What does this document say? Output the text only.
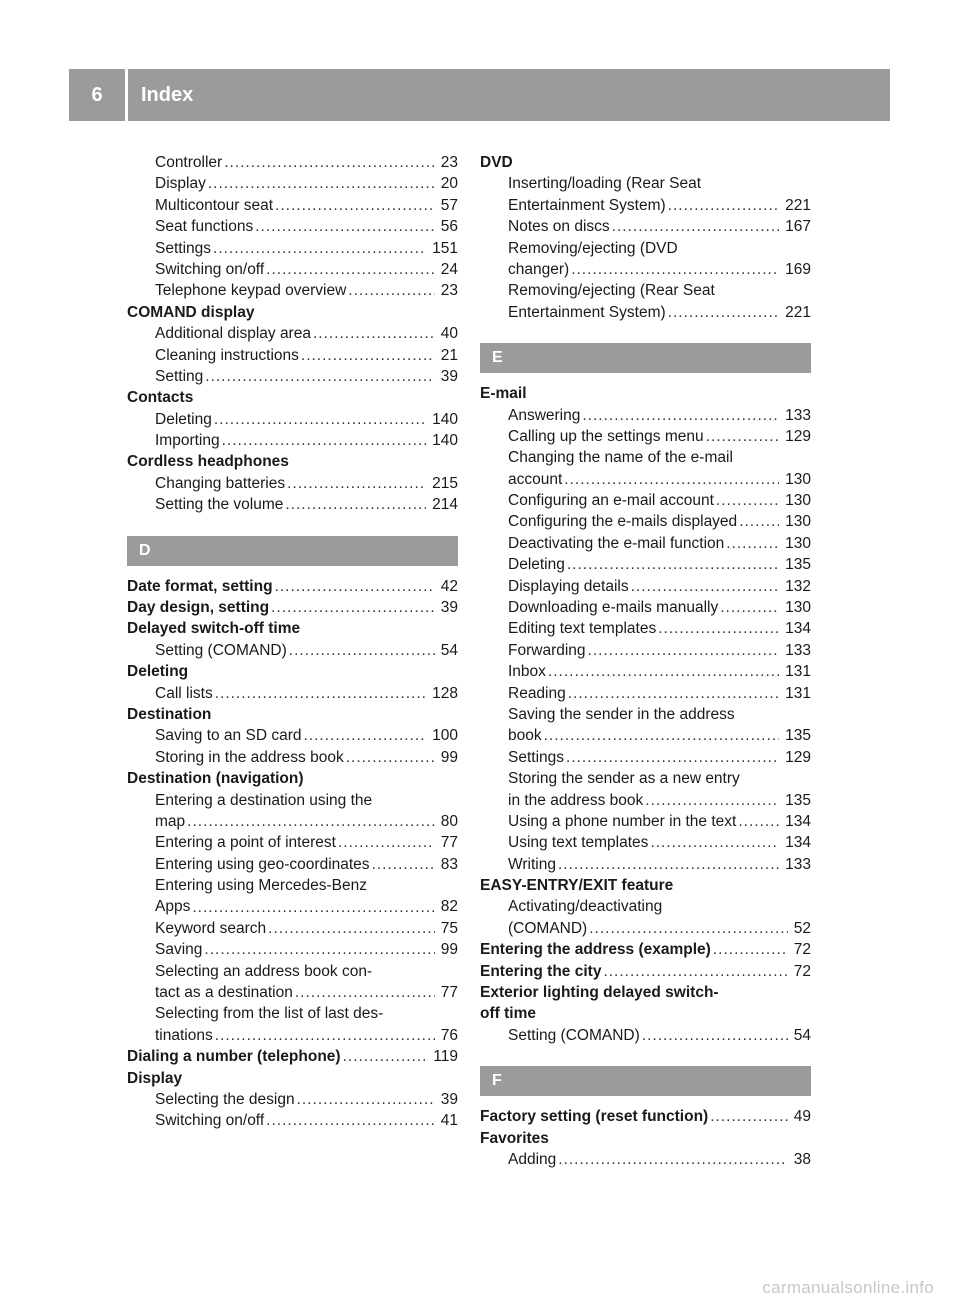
6	Index
Controller .....	23
Display .....	20
Multicontour seat .....	57
Seat functions .....	56
Settings .....	151
Switching on/off .....	24
Telephone keypad overview .....	23
COMAND display
Additional display area .....	40
Cleaning instructions .....	21
Setting .....	39
Contacts
Deleting .....	140
Importing .....	140
Cordless headphones
Changing batteries .....	215
Setting the volume .....	214
D
Date format, setting .....	42
Day design, setting .....	39
Delayed switch-off time
Setting (COMAND) .....	54
Deleting
Call lists .....	128
Destination
Saving to an SD card .....	100
Storing in the address book .....	99
Destination (navigation)
Entering a destination using the
map .....	80
Entering a point of interest .....	77
Entering using geo-coordinates .....	83
Entering using Mercedes-Benz
Apps .....	82
Keyword search .....	75
Saving .....	99
Selecting an address book con-
tact as a destination .....	77
Selecting from the list of last des-
tinations .....	76
Dialing a number (telephone) .....	119
Display
Selecting the design .....	39
Switching on/off .....	41
DVD
Inserting/loading (Rear Seat
Entertainment System) .....	221
Notes on discs .....	167
Removing/ejecting (DVD
changer) .....	169
Removing/ejecting (Rear Seat
Entertainment System) .....	221
E
E-mail
Answering .....	133
Calling up the settings menu .....	129
Changing the name of the e-mail
account .....	130
Configuring an e-mail account .....	130
Configuring the e-mails displayed .....	130
Deactivating the e-mail function .....	130
Deleting .....	135
Displaying details .....	132
Downloading e-mails manually .....	130
Editing text templates .....	134
Forwarding .....	133
Inbox .....	131
Reading .....	131
Saving the sender in the address
book .....	135
Settings .....	129
Storing the sender as a new entry
in the address book .....	135
Using a phone number in the text .....	134
Using text templates .....	134
Writing .....	133
EASY-ENTRY/EXIT feature
Activating/deactivating
(COMAND) .....	52
Entering the address (example) .....	72
Entering the city .....	72
Exterior lighting delayed switch-
off time
Setting (COMAND) .....	54
F
Factory setting (reset function) .....	49
Favorites
Adding .....	38
carmanualsonline.info
